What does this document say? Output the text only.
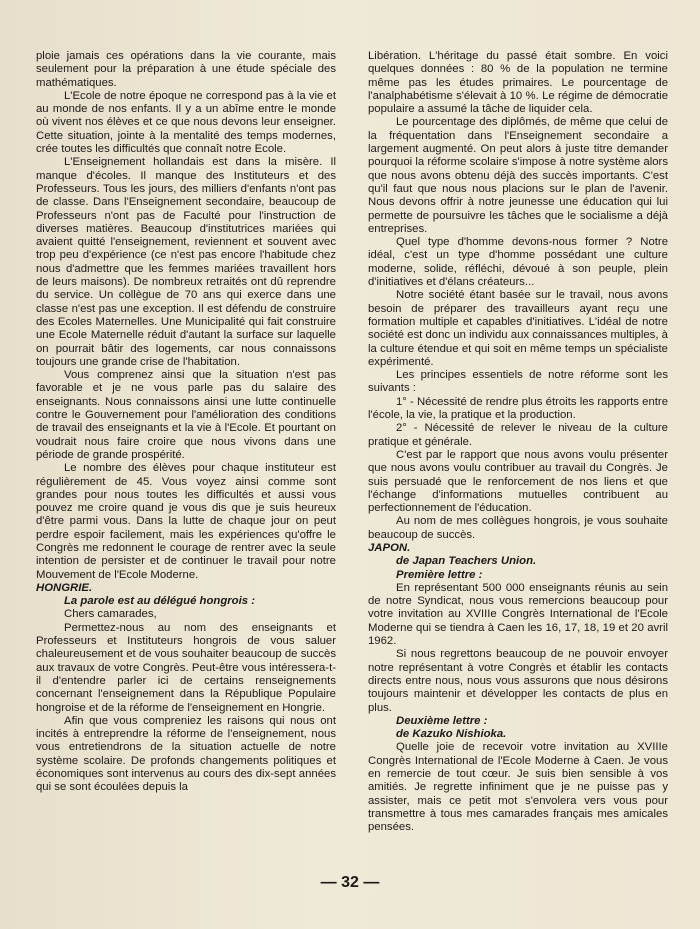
ploie jamais ces opérations dans la vie courante, mais seulement pour la préparation à une étude spéciale des mathématiques.

L'Ecole de notre époque ne correspond pas à la vie et au monde de nos enfants. Il y a un abîme entre le monde où vivent nos élèves et ce que nous devons leur enseigner. Cette situation, jointe à la mentalité des temps modernes, crée toutes les difficultés que connaît notre Ecole.

L'Enseignement hollandais est dans la misère. Il manque d'écoles. Il manque des Instituteurs et des Professeurs. Tous les jours, des milliers d'enfants n'ont pas de classe. Dans l'Enseignement secondaire, beaucoup de Professeurs n'ont pas de Faculté pour l'instruction de diverses matières. Beaucoup d'institutrices mariées qui avaient quitté l'enseignement, reviennent et souvent avec trop peu d'expérience (ce n'est pas encore l'habitude chez nous d'admettre que les femmes mariées travaillent hors de leurs maisons). De nombreux retraités ont dû reprendre du service. Un collègue de 70 ans qui exerce dans une classe n'est pas une exception. Il est défendu de construire des Ecoles Maternelles. Une Municipalité qui fait construire une Ecole Maternelle réduit d'autant la surface sur laquelle on pourrait bâtir des logements, car nous connaissons toujours une grande crise de l'habitation.

Vous comprenez ainsi que la situation n'est pas favorable et je ne vous parle pas du salaire des enseignants. Nous connaissons ainsi une lutte continuelle contre le Gouvernement pour l'amélioration des conditions de travail des enseignants et la vie à l'Ecole. Et pourtant on voudrait nous faire croire que nous vivons dans une période de grande prospérité.

Le nombre des élèves pour chaque instituteur est régulièrement de 45. Vous voyez ainsi comme sont grandes pour nous toutes les difficultés et aussi vous pouvez me croire quand je vous dis que je suis heureux d'être parmi vous. Dans la lutte de chaque jour on peut perdre espoir facilement, mais les expériences qu'offre le Congrès me redonnent le courage de rentrer avec la seule intention de persister et de continuer le travail pour notre Mouvement de l'Ecole Moderne.

HONGRIE.

La parole est au délégué hongrois :

Chers camarades,

Permettez-nous au nom des enseignants et Professeurs et Instituteurs hongrois de vous saluer chaleureusement et de vous souhaiter beaucoup de succès aux travaux de votre Congrès. Peut-être vous intéressera-t-il d'entendre parler ici de certains renseignements concernant l'enseignement dans la République Populaire hongroise et de la réforme de l'enseignement en Hongrie.

Afin que vous compreniez les raisons qui nous ont incités à entreprendre la réforme de l'enseignement, nous vous entretiendrons de la situation actuelle de notre système scolaire. De profonds changements politiques et économiques sont intervenus au cours des dix-sept années qui se sont écoulées depuis la

Libération. L'héritage du passé était sombre. En voici quelques données : 80 % de la population ne termine même pas les études primaires. Le pourcentage de l'analphabétisme s'élevait à 10 %. Le régime de démocratie populaire a assumé la tâche de liquider cela.

Le pourcentage des diplômés, de même que celui de la fréquentation dans l'Enseignement secondaire a largement augmenté. On peut alors à juste titre demander pourquoi la réforme scolaire s'impose à notre système alors que nous avons obtenu déjà des succès importants. C'est qu'il faut que nous nous placions sur le plan de l'avenir. Nous devons offrir à notre jeunesse une éducation qui lui permette de poursuivre les tâches que le socialisme a déjà entreprises.

Quel type d'homme devons-nous former ? Notre idéal, c'est un type d'homme possédant une culture moderne, solide, réfléchi, dévoué à son peuple, plein d'initiatives et d'élans créateurs...

Notre société étant basée sur le travail, nous avons besoin de préparer des travailleurs ayant reçu une formation multiple et capables d'initiatives. L'idéal de notre société est donc un individu aux connaissances multiples, à la culture étendue et qui soit en même temps un spécialiste expérimenté.

Les principes essentiels de notre réforme sont les suivants :

1° - Nécessité de rendre plus étroits les rapports entre l'école, la vie, la pratique et la production.

2° - Nécessité de relever le niveau de la culture pratique et générale.

C'est par le rapport que nous avons voulu présenter que nous avons voulu contribuer au travail du Congrès. Je suis persuadé que le renforcement de nos liens et que l'échange d'informations mutuelles contribuent au perfectionnement de l'éducation.

Au nom de mes collègues hongrois, je vous souhaite beaucoup de succès.

JAPON.

de Japan Teachers Union.

Première lettre :

En représentant 500 000 enseignants réunis au sein de notre Syndicat, nous vous remercions beaucoup pour votre invitation au XVIIIe Congrès International de l'Ecole Moderne qui se tiendra à Caen les 16, 17, 18, 19 et 20 avril 1962.

Si nous regrettons beaucoup de ne pouvoir envoyer notre représentant à votre Congrès et établir les contacts directs entre nous, nous vous assurons que nous désirons toujours maintenir et développer les contacts de plus en plus.

Deuxième lettre :

de Kazuko Nishioka.

Quelle joie de recevoir votre invitation au XVIIIe Congrès International de l'Ecole Moderne à Caen. Je vous en remercie de tout cœur. Je suis bien sensible à vos amitiés. Je regrette infiniment que je ne puisse pas y assister, mais ce petit mot s'envolera vers vous pour transmettre à tous mes camarades français mes amicales pensées.

— 32 —
